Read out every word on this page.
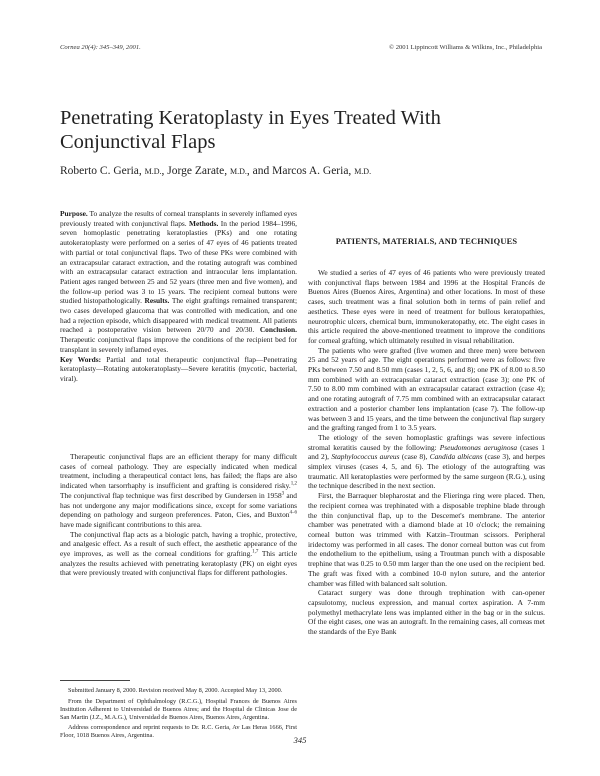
Cornea 20(4): 345–349, 2001.	© 2001 Lippincott Williams & Wilkins, Inc., Philadelphia
Penetrating Keratoplasty in Eyes Treated With Conjunctival Flaps
Roberto C. Geria, M.D., Jorge Zarate, M.D., and Marcos A. Geria, M.D.

Purpose. To analyze the results of corneal transplants in severely inflamed eyes previously treated with conjunctival flaps. Methods. In the period 1984–1996, seven homoplastic penetrating keratoplasties (PKs) and one rotating autokeratoplasty were performed on a series of 47 eyes of 46 patients treated with partial or total conjunctival flaps. Two of these PKs were combined with an extracapsular cataract extraction, and the rotating autograft was combined with an extracapsular cataract extraction and intraocular lens implantation. Patient ages ranged between 25 and 52 years (three men and five women), and the follow-up period was 3 to 15 years. The recipient corneal buttons were studied histopathologically. Results. The eight graftings remained transparent; two cases developed glaucoma that was controlled with medication, and one had a rejection episode, which disappeared with medical treatment. All patients reached a postoperative vision between 20/70 and 20/30. Conclusion. Therapeutic conjunctival flaps improve the conditions of the recipient bed for transplant in severely inflamed eyes.

Key Words: Partial and total therapeutic conjunctival flap—Penetrating keratoplasty—Rotating autokeratoplasty—Severe keratitis (mycotic, bacterial, viral).

Therapeutic conjunctival flaps are an efficient therapy for many difficult cases of corneal pathology. They are especially indicated when medical treatment, including a therapeutical contact lens, has failed; the flaps are also indicated when tarsorrhaphy is insufficient and grafting is considered risky.$^{1,2}$ The conjunctival flap technique was first described by Gundersen in 1958$^3$ and has not undergone any major modifications since, except for some variations depending on pathology and surgeon preferences. Paton, Cies, and Buxton$^{4-6}$ have made significant contributions to this area.

The conjunctival flap acts as a biologic patch, having a trophic, protective, and analgesic effect. As a result of such effect, the aesthetic appearance of the eye improves, as well as the corneal conditions for grafting.$^{1,7}$ This article analyzes the results achieved with penetrating keratoplasty (PK) on eight eyes that were previously treated with conjunctival flaps for different pathologies.

Submitted January 8, 2000. Revision received May 8, 2000. Accepted May 13, 2000.

From the Department of Ophthalmology (R.C.G.), Hospital Frances de Buenos Aires Institution Adherent to Universidad de Buenos Aires; and the Hospital de Clinicas Jose de San Martin (J.Z., M.A.G.), Universidad de Buenos Aires, Buenos Aires, Argentina.

Address correspondence and reprint requests to Dr. R.C. Geria, Av Las Heras 1666, First Floor, 1018 Buenos Aires, Argentina.

PATIENTS, MATERIALS, AND TECHNIQUES

We studied a series of 47 eyes of 46 patients who were previously treated with conjunctival flaps between 1984 and 1996 at the Hospital Francés de Buenos Aires (Buenos Aires, Argentina) and other locations. In most of these cases, such treatment was a final solution both in terms of pain relief and aesthetics. These eyes were in need of treatment for bullous keratopathies, neurotrophic ulcers, chemical burn, immunokeratopathy, etc. The eight cases in this article required the above-mentioned treatment to improve the conditions for corneal grafting, which ultimately resulted in visual rehabilitation.

The patients who were grafted (five women and three men) were between 25 and 52 years of age. The eight operations performed were as follows: five PKs between 7.50 and 8.50 mm (cases 1, 2, 5, 6, and 8); one PK of 8.00 to 8.50 mm combined with an extracapsular cataract extraction (case 3); one PK of 7.50 to 8.00 mm combined with an extracapsular cataract extraction (case 4); and one rotating autograft of 7.75 mm combined with an extracapsular cataract extraction and a posterior chamber lens implantation (case 7). The follow-up was between 3 and 15 years, and the time between the conjunctival flap surgery and the grafting ranged from 1 to 3.5 years.

The etiology of the seven homoplastic graftings was severe infectious stromal keratitis caused by the following: Pseudomonas aeruginosa (cases 1 and 2), Staphylococcus aureus (case 8), Candida albicans (case 3), and herpes simplex viruses (cases 4, 5, and 6). The etiology of the autografting was traumatic. All keratoplasties were performed by the same surgeon (R.G.), using the technique described in the next section.

First, the Barraquer blepharostat and the Flieringa ring were placed. Then, the recipient cornea was trephinated with a disposable trephine blade through the thin conjunctival flap, up to the Descemet's membrane. The anterior chamber was penetrated with a diamond blade at 10 o'clock; the remaining corneal button was trimmed with Katzin–Troutman scissors. Peripheral iridectomy was performed in all cases. The donor corneal button was cut from the endothelium to the epithelium, using a Troutman punch with a disposable trephine that was 0.25 to 0.50 mm larger than the one used on the recipient bed. The graft was fixed with a combined 10-0 nylon suture, and the anterior chamber was filled with balanced salt solution.

Cataract surgery was done through trephination with can-opener capsulotomy, nucleus expression, and manual cortex aspiration. A 7-mm polymethyl methacrylate lens was implanted either in the bag or in the sulcus. Of the eight cases, one was an autograft. In the remaining cases, all corneas met the standards of the Eye Bank

345
